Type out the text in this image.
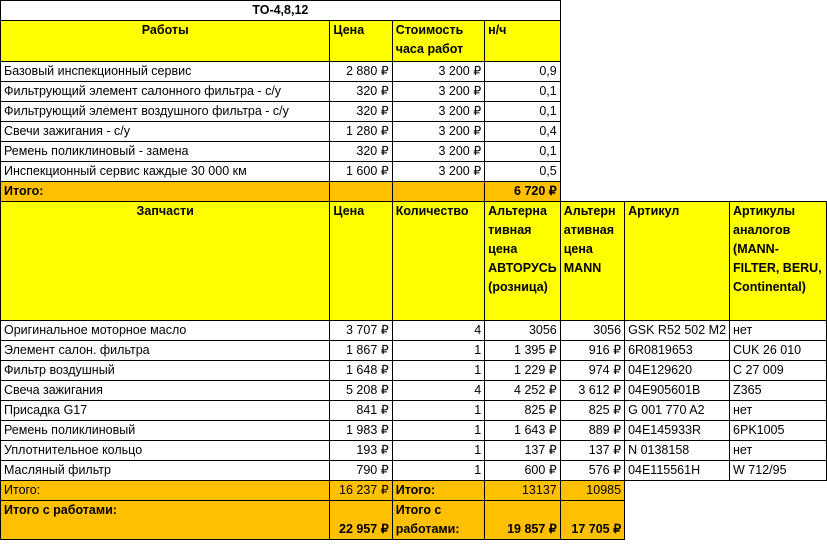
ТО-4,8,12						
Работы	Цена	Стоимость часа работ	н/ч			
Базовый инспекционный сервис	2 880 ₽	3 200 ₽	0,9			
Фильтрующий элемент салонного фильтра - с/у	320 ₽	3 200 ₽	0,1			
Фильтрующий элемент воздушного фильтра - с/у	320 ₽	3 200 ₽	0,1			
Свечи зажигания - с/у	1 280 ₽	3 200 ₽	0,4			
Ремень поликлиновый - замена	320 ₽	3 200 ₽	0,1			
Инспекционный сервис каждые 30 000 км	1 600 ₽	3 200 ₽	0,5			
Итого:			6 720 ₽			
Запчасти	Цена	Количество	Альтерна тивная цена АВТОРУСЬ (розница)	Альтерн ативная цена MANN	Артикул	Артикулы аналогов (MANN-FILTER, BERU, Continental)
Оригинальное моторное масло	3 707 ₽	4	3056	3056	GSK R52 502 M2	нет
Элемент салон. фильтра	1 867 ₽	1	1 395 ₽	916 ₽	6R0819653	CUK 26 010
Фильтр воздушный	1 648 ₽	1	1 229 ₽	974 ₽	04E129620	C 27 009
Свеча зажигания	5 208 ₽	4	4 252 ₽	3 612 ₽	04E905601B	Z365
Присадка G17	841 ₽	1	825 ₽	825 ₽	G 001 770 A2	нет
Ремень поликлиновый	1 983 ₽	1	1 643 ₽	889 ₽	04E145933R	6PK1005
Уплотнительное кольцо	193 ₽	1	137 ₽	137 ₽	N 0138158	нет
Масляный фильтр	790 ₽	1	600 ₽	576 ₽	04E115561H	W 712/95
Итого:	16 237 ₽	Итого:	13137	10985		
Итого с работами:	22 957 ₽	Итого с работами:	19 857 ₽	17 705 ₽		
